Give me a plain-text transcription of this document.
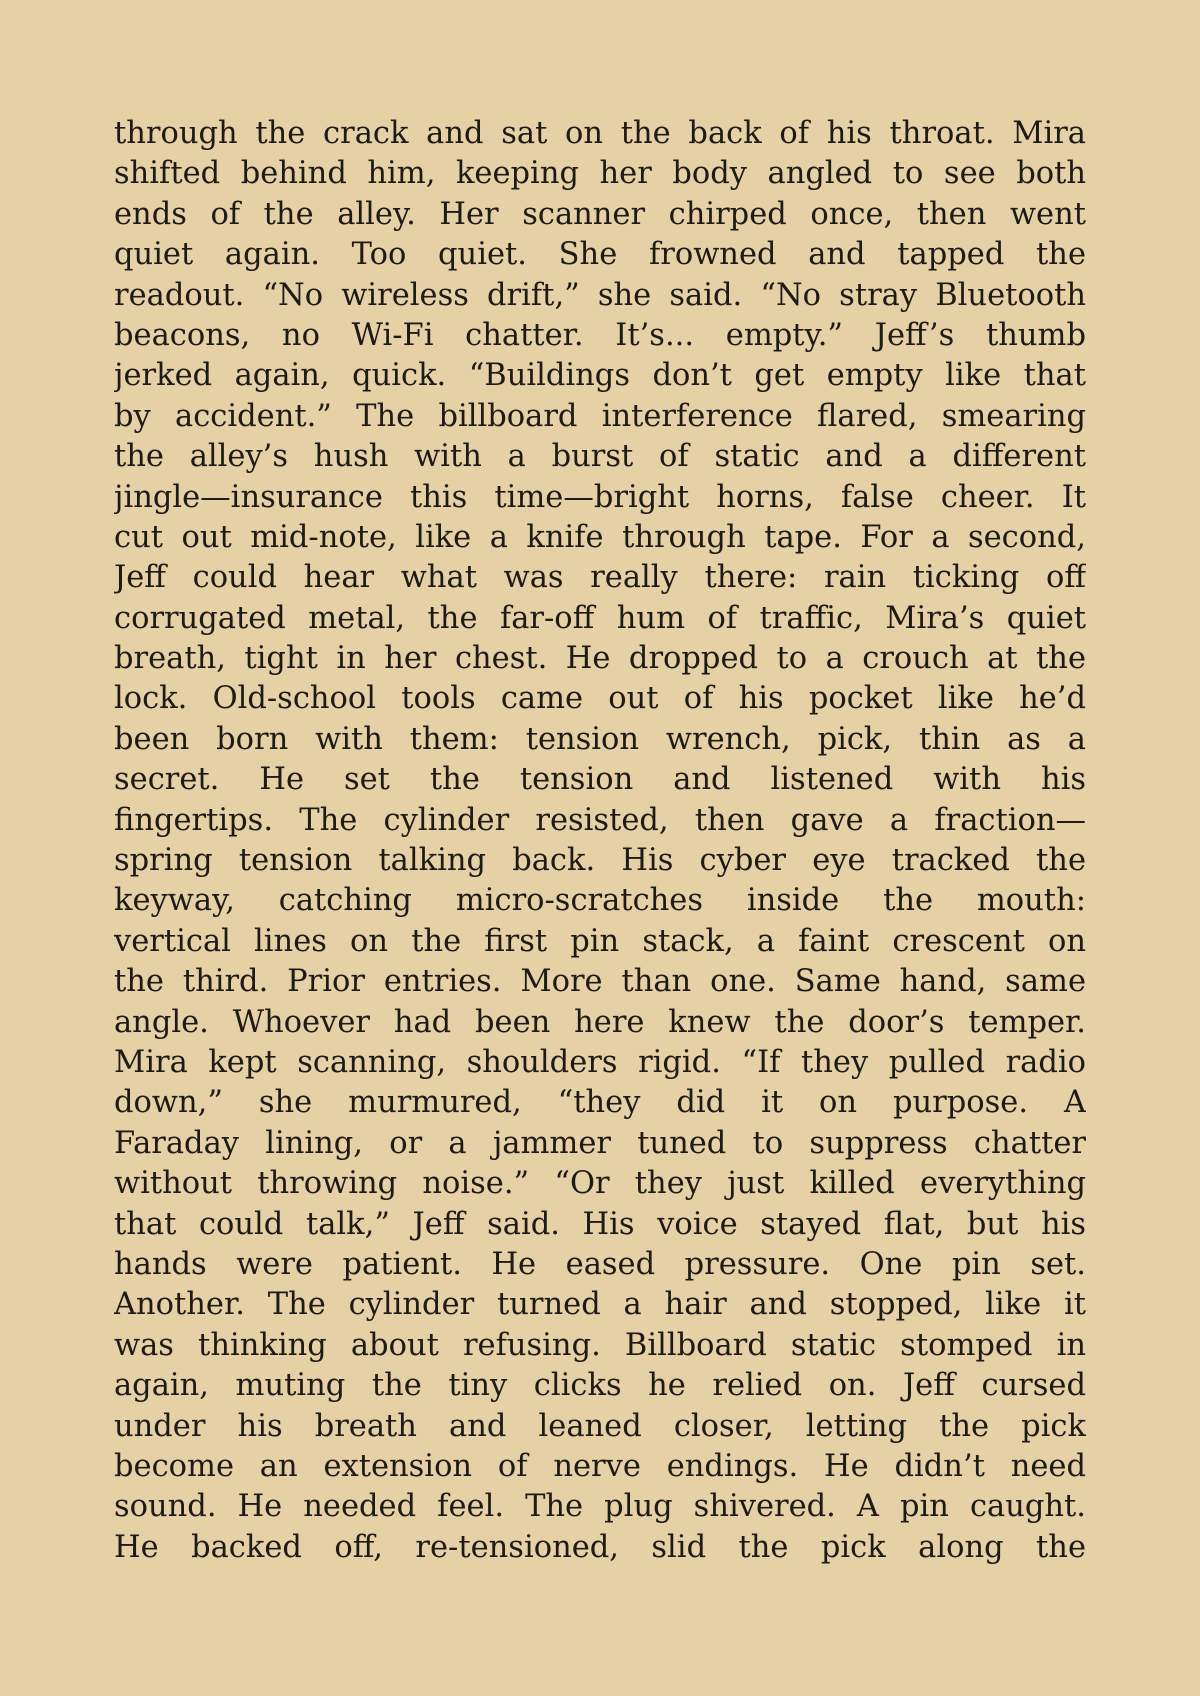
through the crack and sat on the back of his throat. Mira
shifted behind him, keeping her body angled to see both
ends of the alley. Her scanner chirped once, then went
quiet again. Too quiet. She frowned and tapped the
readout. “No wireless drift,” she said. “No stray Bluetooth
beacons, no Wi-Fi chatter. It’s... empty.” Jeff’s thumb
jerked again, quick. “Buildings don’t get empty like that
by accident.” The billboard interference flared, smearing
the alley’s hush with a burst of static and a different
jingle—insurance this time—bright horns, false cheer. It
cut out mid-note, like a knife through tape. For a second,
Jeff could hear what was really there: rain ticking off
corrugated metal, the far-off hum of traffic, Mira’s quiet
breath, tight in her chest. He dropped to a crouch at the
lock. Old-school tools came out of his pocket like he’d
been born with them: tension wrench, pick, thin as a
secret. He set the tension and listened with his
fingertips. The cylinder resisted, then gave a fraction—
spring tension talking back. His cyber eye tracked the
keyway, catching micro-scratches inside the mouth:
vertical lines on the first pin stack, a faint crescent on
the third. Prior entries. More than one. Same hand, same
angle. Whoever had been here knew the door’s temper.
Mira kept scanning, shoulders rigid. “If they pulled radio
down,” she murmured, “they did it on purpose. A
Faraday lining, or a jammer tuned to suppress chatter
without throwing noise.” “Or they just killed everything
that could talk,” Jeff said. His voice stayed flat, but his
hands were patient. He eased pressure. One pin set.
Another. The cylinder turned a hair and stopped, like it
was thinking about refusing. Billboard static stomped in
again, muting the tiny clicks he relied on. Jeff cursed
under his breath and leaned closer, letting the pick
become an extension of nerve endings. He didn’t need
sound. He needed feel. The plug shivered. A pin caught.
He backed off, re-tensioned, slid the pick along the
